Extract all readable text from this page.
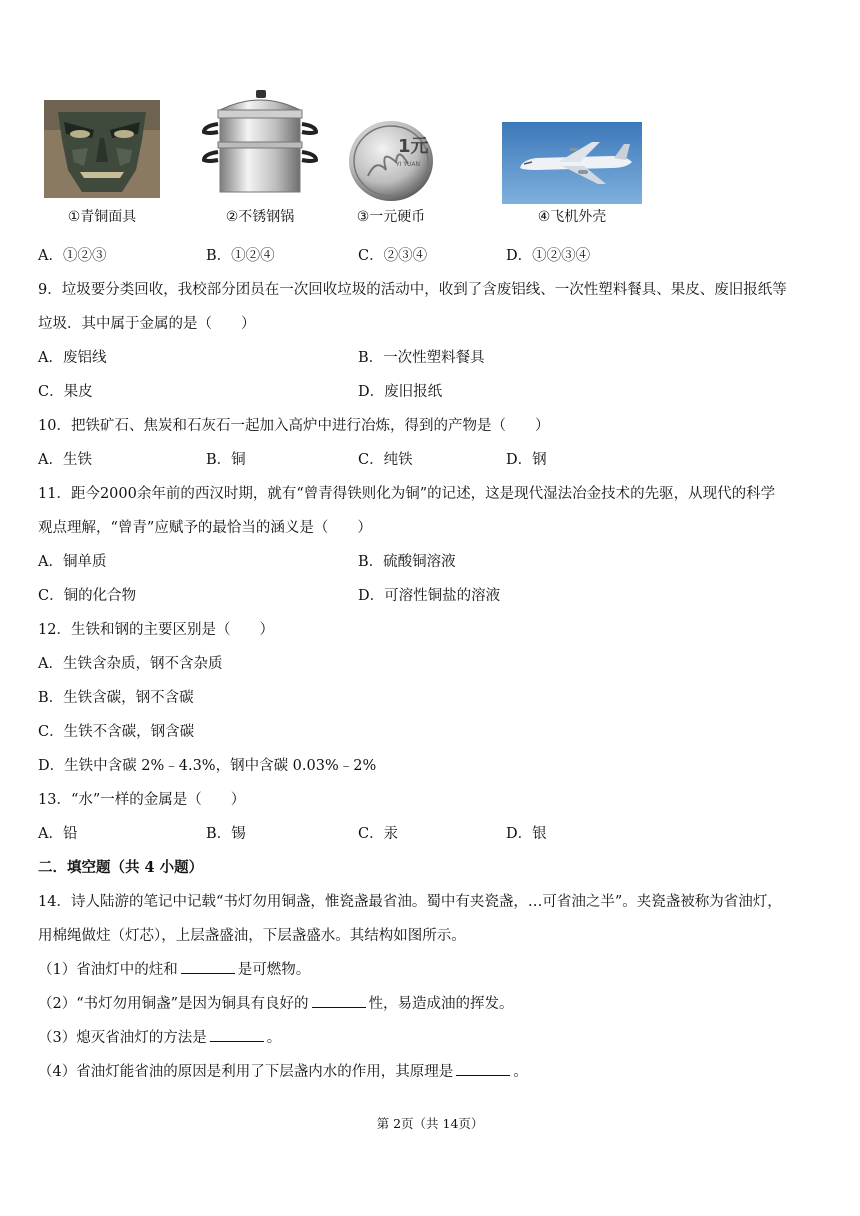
①青铜面具	②不锈钢锅
1元
YI YUAN
③一元硬币	④飞机外壳
A．①②③	B．①②④	C．②③④	D．①②③④
9．垃圾要分类回收，我校部分团员在一次回收垃圾的活动中，收到了含废铝线、一次性塑料餐具、果皮、废旧报纸等
垃圾．其中属于金属的是（　　）
A．废铝线	B．一次性塑料餐具
C．果皮	D．废旧报纸
10．把铁矿石、焦炭和石灰石一起加入高炉中进行冶炼，得到的产物是（　　）
A．生铁	B．铜	C．纯铁	D．钢
11．距今2000余年前的西汉时期，就有“曾青得铁则化为铜”的记述，这是现代湿法冶金技术的先驱，从现代的科学
观点理解，“曾青”应赋予的最恰当的涵义是（　　）
A．铜单质	B．硫酸铜溶液
C．铜的化合物	D．可溶性铜盐的溶液
12．生铁和钢的主要区别是（　　）
A．生铁含杂质，钢不含杂质
B．生铁含碳，钢不含碳
C．生铁不含碳，钢含碳
D．生铁中含碳 2%﹣4.3%，钢中含碳 0.03%﹣2%
13．“水”一样的金属是（　　）
A．铅	B．锡	C．汞	D．银
二．填空题（共 4 小题）
14．诗人陆游的笔记中记载“书灯勿用铜盏，惟瓷盏最省油。蜀中有夹瓷盏，…可省油之半”。夹瓷盏被称为省油灯，
用棉绳做炷（灯芯），上层盏盛油，下层盏盛水。其结构如图所示。
（1）省油灯中的炷和	是可燃物。
（2）“书灯勿用铜盏”是因为铜具有良好的	性，易造成油的挥发。
（3）熄灭省油灯的方法是	。
（4）省油灯能省油的原因是利用了下层盏内水的作用，其原理是	。
第 2页（共 14页）
